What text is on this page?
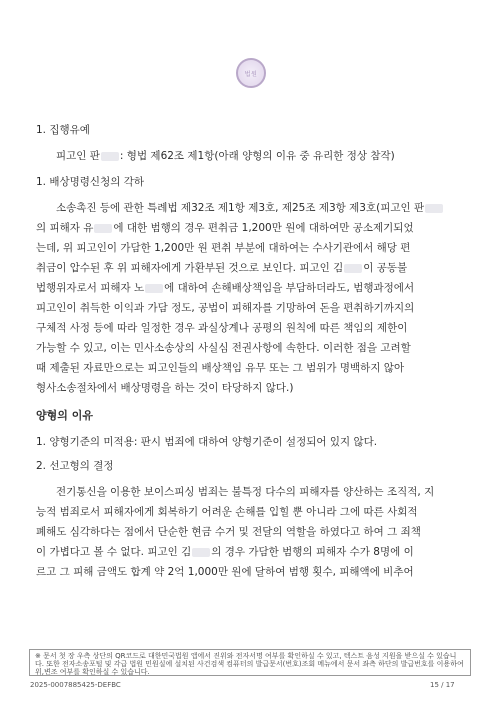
법원
1. 집행유예
피고인 판 : 형법 제62조 제1항(아래 양형의 이유 중 유리한 정상 참작)
1. 배상명령신청의 각하
소송촉진 등에 관한 특례법 제32조 제1항 제3호, 제25조 제3항 제3호(피고인 판
의 피해자 유 에 대한 범행의 경우 편취금 1,200만 원에 대하여만 공소제기되었
는데, 위 피고인이 가담한 1,200만 원 편취 부분에 대하여는 수사기관에서 해당 편
취금이 압수된 후 위 피해자에게 가환부된 것으로 보인다. 피고인 김 이 공동불
법행위자로서 피해자 노 에 대하여 손해배상책임을 부담하더라도, 범행과정에서
피고인이 취득한 이익과 가담 정도, 공범이 피해자를 기망하여 돈을 편취하기까지의
구체적 사정 등에 따라 일정한 경우 과실상계나 공평의 원칙에 따른 책임의 제한이
가능할 수 있고, 이는 민사소송상의 사실심 전권사항에 속한다. 이러한 점을 고려할
때 제출된 자료만으로는 피고인들의 배상책임 유무 또는 그 범위가 명백하지 않아
형사소송절차에서 배상명령을 하는 것이 타당하지 않다.)
양형의 이유
1. 양형기준의 미적용: 판시 범죄에 대하여 양형기준이 설정되어 있지 않다.
2. 선고형의 결정
전기통신을 이용한 보이스피싱 범죄는 불특정 다수의 피해자를 양산하는 조직적, 지
능적 범죄로서 피해자에게 회복하기 어려운 손해를 입힐 뿐 아니라 그에 따른 사회적
폐해도 심각하다는 점에서 단순한 현금 수거 및 전달의 역할을 하였다고 하여 그 죄책
이 가볍다고 볼 수 없다. 피고인 김 의 경우 가담한 범행의 피해자 수가 8명에 이
르고 그 피해 금액도 합계 약 2억 1,000만 원에 달하여 범행 횟수, 피해액에 비추어
※ 문서 첫 장 우측 상단의 QR코드로 대한민국법원 앱에서 진위와 전자서명 여부를 확인하실 수 있고, 텍스트 음성 지원을 받으실 수 있습니다. 또한 전자소송포털 및 각급 법원 민원실에 설치된 사건검색 컴퓨터의 발급문서(번호)조회 메뉴에서 문서 좌측 하단의 발급번호를 이용하여 위,변조 여부를 확인하실 수 있습니다.
2025-0007885425-DEFBC	15 / 17
